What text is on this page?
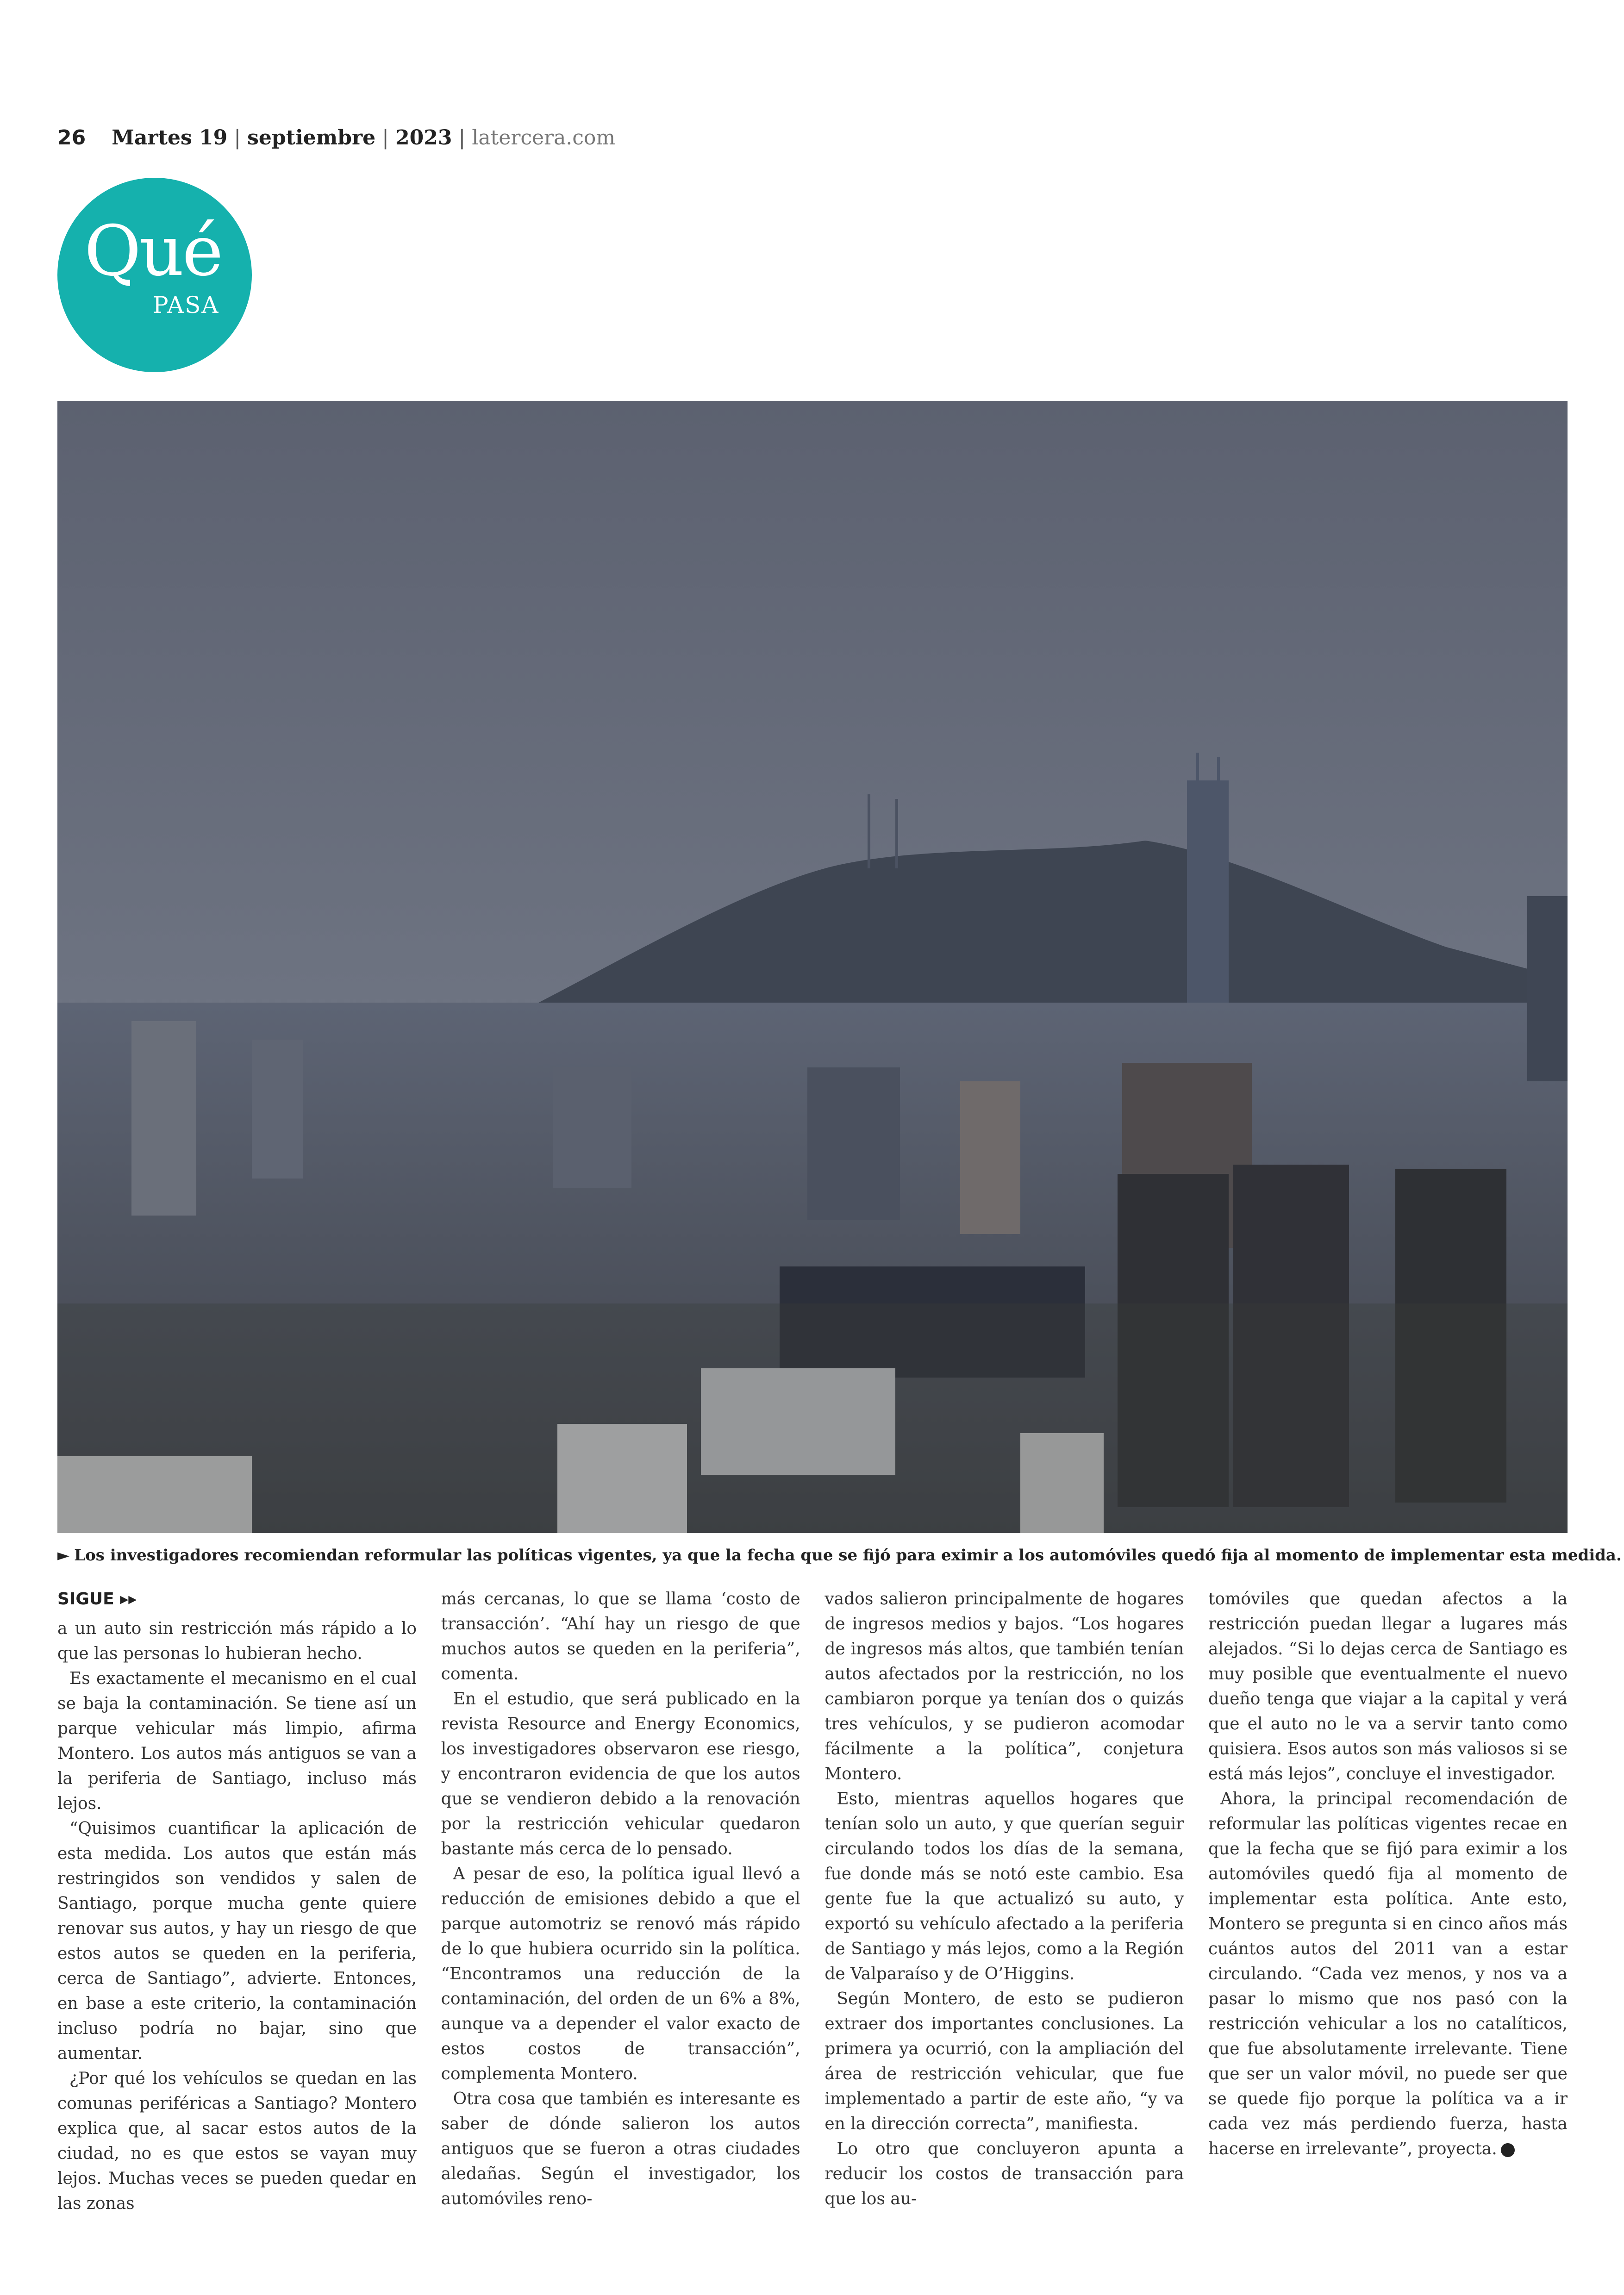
26 Martes 19 | septiembre | 2023 | latercera.com
Qué
PASA
► Los investigadores recomiendan reformular las políticas vigentes, ya que la fecha que se fijó para eximir a los automóviles quedó fija al momento de implementar esta medida.
SIGUE ▸▸

a un auto sin restricción más rápido a lo que las personas lo hubieran hecho.

Es exactamente el mecanismo en el cual se baja la contaminación. Se tiene así un parque vehicular más limpio, afirma Montero. Los autos más antiguos se van a la periferia de Santiago, incluso más lejos.

“Quisimos cuantificar la aplicación de esta medida. Los autos que están más restringidos son vendidos y salen de Santiago, porque mucha gente quiere renovar sus autos, y hay un riesgo de que estos autos se queden en la periferia, cerca de Santiago”, advierte. Entonces, en base a este criterio, la contaminación incluso podría no bajar, sino que aumentar.

¿Por qué los vehículos se quedan en las comunas periféricas a Santiago? Montero explica que, al sacar estos autos de la ciudad, no es que estos se vayan muy lejos. Muchas veces se pueden quedar en las zonas

más cercanas, lo que se llama ‘costo de transacción’. “Ahí hay un riesgo de que muchos autos se queden en la periferia”, comenta.

En el estudio, que será publicado en la revista Resource and Energy Economics, los investigadores observaron ese riesgo, y encontraron evidencia de que los autos que se vendieron debido a la renovación por la restricción vehicular quedaron bastante más cerca de lo pensado.

A pesar de eso, la política igual llevó a reducción de emisiones debido a que el parque automotriz se renovó más rápido de lo que hubiera ocurrido sin la política. “Encontramos una reducción de la contaminación, del orden de un 6% a 8%, aunque va a depender el valor exacto de estos costos de transacción”, complementa Montero.

Otra cosa que también es interesante es saber de dónde salieron los autos antiguos que se fueron a otras ciudades aledañas. Según el investigador, los automóviles reno-

vados salieron principalmente de hogares de ingresos medios y bajos. “Los hogares de ingresos más altos, que también tenían autos afectados por la restricción, no los cambiaron porque ya tenían dos o quizás tres vehículos, y se pudieron acomodar fácilmente a la política”, conjetura Montero.

Esto, mientras aquellos hogares que tenían solo un auto, y que querían seguir circulando todos los días de la semana, fue donde más se notó este cambio. Esa gente fue la que actualizó su auto, y exportó su vehículo afectado a la periferia de Santiago y más lejos, como a la Región de Valparaíso y de O’Higgins.

Según Montero, de esto se pudieron extraer dos importantes conclusiones. La primera ya ocurrió, con la ampliación del área de restricción vehicular, que fue implementado a partir de este año, “y va en la dirección correcta”, manifiesta.

Lo otro que concluyeron apunta a reducir los costos de transacción para que los au-

tomóviles que quedan afectos a la restricción puedan llegar a lugares más alejados. “Si lo dejas cerca de Santiago es muy posible que eventualmente el nuevo dueño tenga que viajar a la capital y verá que el auto no le va a servir tanto como quisiera. Esos autos son más valiosos si se está más lejos”, concluye el investigador.

Ahora, la principal recomendación de reformular las políticas vigentes recae en que la fecha que se fijó para eximir a los automóviles quedó fija al momento de implementar esta política. Ante esto, Montero se pregunta si en cinco años más cuántos autos del 2011 van a estar circulando. “Cada vez menos, y nos va a pasar lo mismo que nos pasó con la restricción vehicular a los no catalíticos, que fue absolutamente irrelevante. Tiene que ser un valor móvil, no puede ser que se quede fijo porque la política va a ir cada vez más perdiendo fuerza, hasta hacerse en irrelevante”, proyecta.
